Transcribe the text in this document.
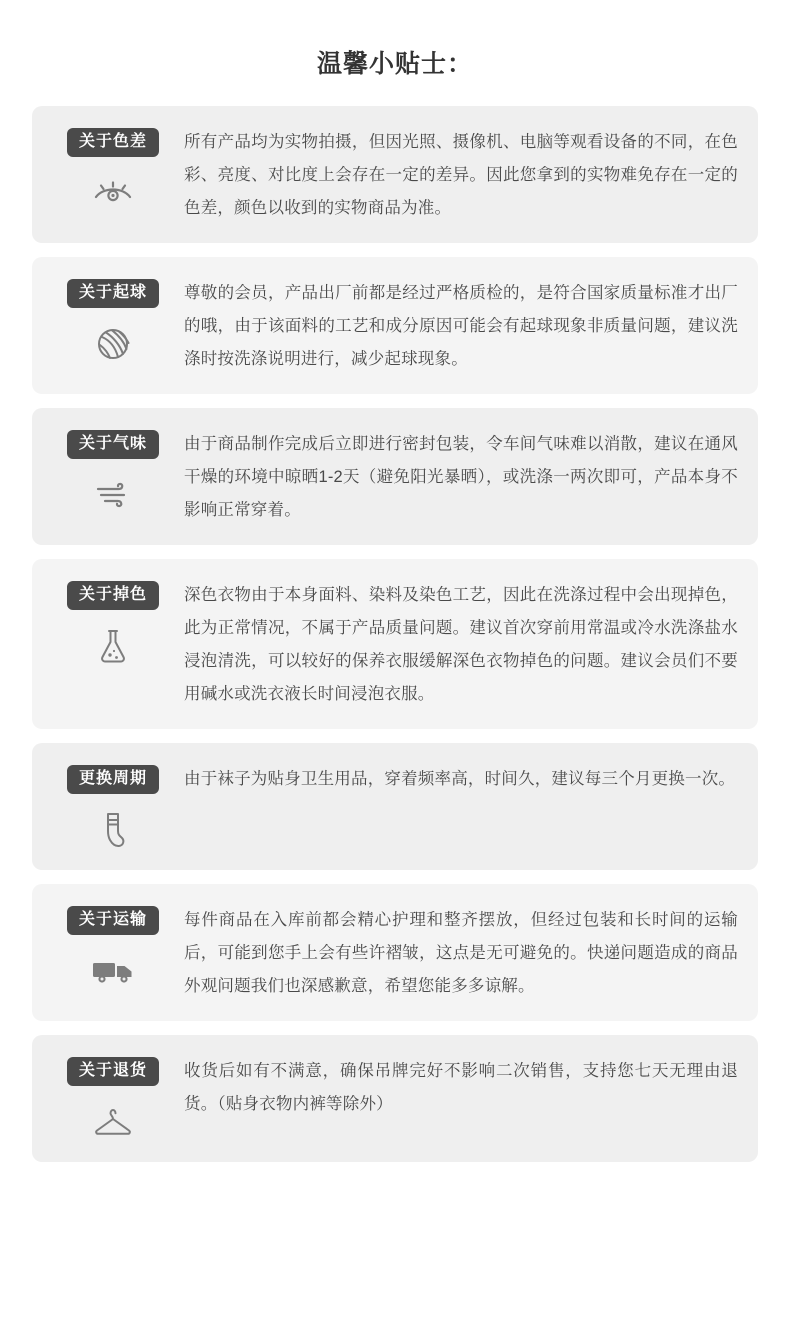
温馨小贴士：
关于色差	所有产品均为实物拍摄，但因光照、摄像机、电脑等观看设备的不同，在色彩、亮度、对比度上会存在一定的差异。因此您拿到的实物难免存在一定的色差，颜色以收到的实物商品为准。

关于起球	尊敬的会员，产品出厂前都是经过严格质检的，是符合国家质量标准才出厂的哦，由于该面料的工艺和成分原因可能会有起球现象非质量问题，建议洗涤时按洗涤说明进行，减少起球现象。

关于气味	由于商品制作完成后立即进行密封包装，令车间气味难以消散，建议在通风干燥的环境中晾晒1-2天（避免阳光暴晒），或洗涤一两次即可，产品本身不影响正常穿着。

关于掉色	深色衣物由于本身面料、染料及染色工艺，因此在洗涤过程中会出现掉色，此为正常情况，不属于产品质量问题。建议首次穿前用常温或冷水洗涤盐水浸泡清洗，可以较好的保养衣服缓解深色衣物掉色的问题。建议会员们不要用碱水或洗衣液长时间浸泡衣服。

更换周期	由于袜子为贴身卫生用品，穿着频率高，时间久，建议每三个月更换一次。

关于运输	每件商品在入库前都会精心护理和整齐摆放，但经过包装和长时间的运输后，可能到您手上会有些许褶皱，这点是无可避免的。快递问题造成的商品外观问题我们也深感歉意，希望您能多多谅解。

关于退货	收货后如有不满意，确保吊牌完好不影响二次销售，支持您七天无理由退货。（贴身衣物内裤等除外）
